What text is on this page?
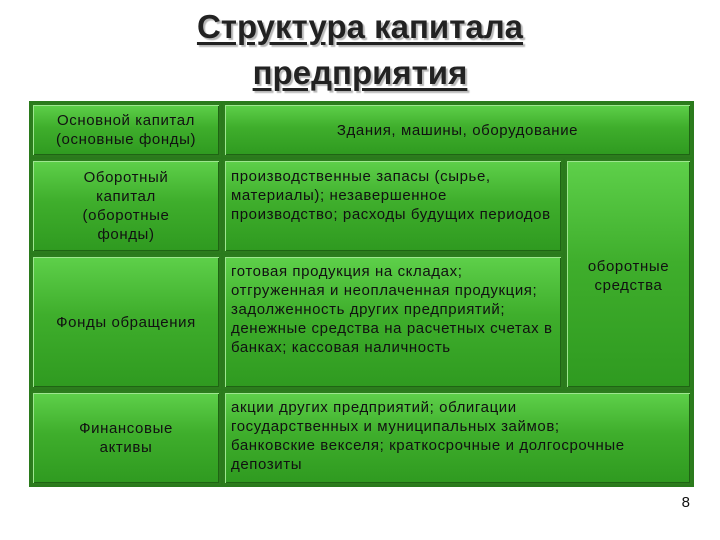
Структура капитала
предприятия
Основной капитал (основные фонды)
Здания, машины, оборудование
Оборотный капитал (оборотные фонды)
производственные запасы (сырье, материалы); незавершенное производство; расходы будущих периодов
оборотные средства
Фонды обращения
готовая продукция на складах; отгруженная и неоплаченная продукция; задолженность других предприятий; денежные средства на расчетных счетах в банках; кассовая наличность
Финансовые активы
акции других предприятий; облигации государственных и муниципальных займов; банковские векселя; краткосрочные и долгосрочные депозиты
8
